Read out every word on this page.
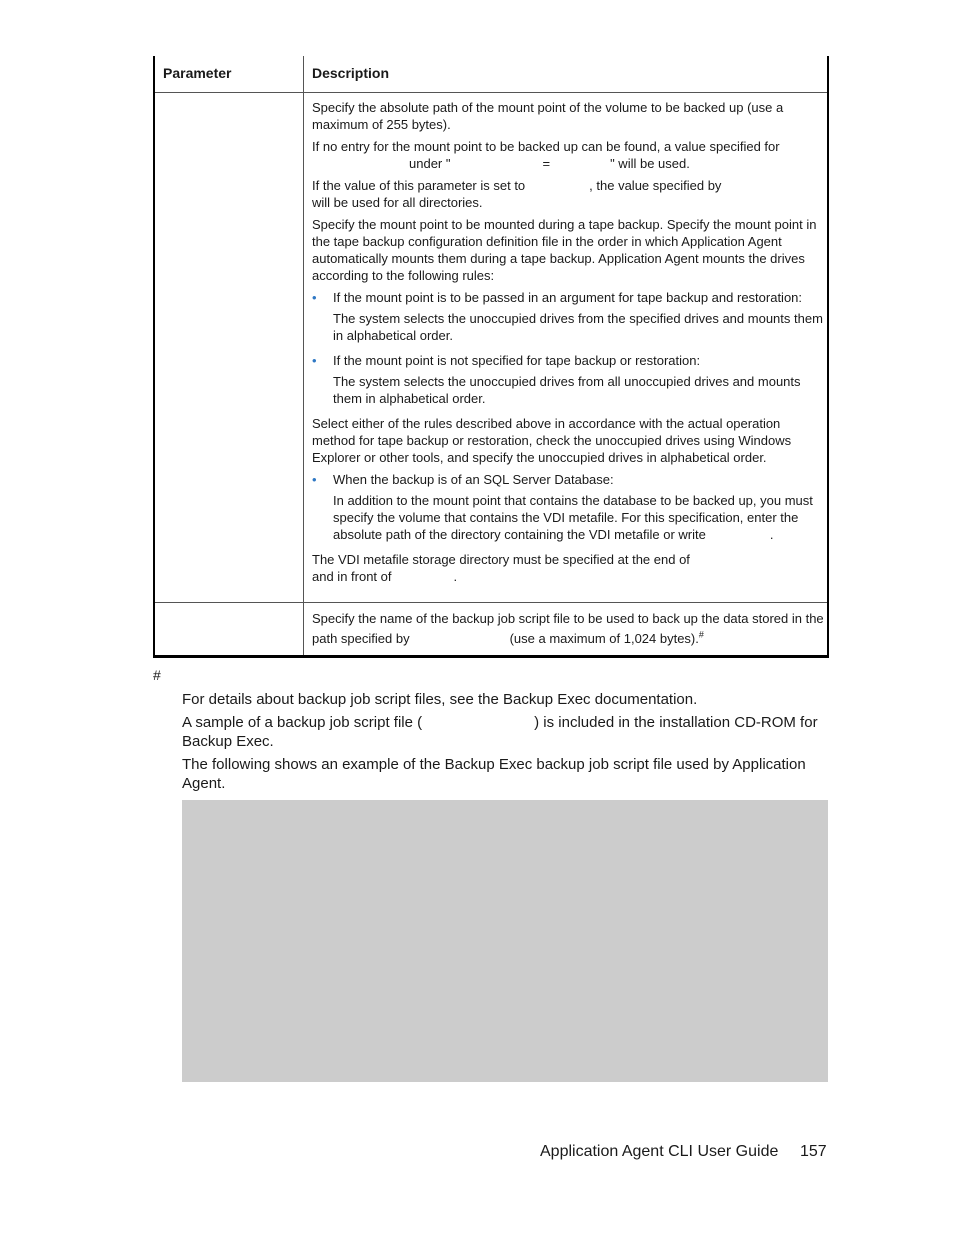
Parameter	Description

Specify the absolute path of the mount point of the volume to be backed up (use a maximum of 255 bytes).

If no entry for the mount point to be backed up can be found, a value specified for
under "	=	" will be used.

If the value of this parameter is set to	, the value specified by
will be used for all directories.

Specify the mount point to be mounted during a tape backup. Specify the mount point in the tape backup configuration definition file in the order in which Application Agent automatically mounts them during a tape backup. Application Agent mounts the drives according to the following rules:

• If the mount point is to be passed in an argument for tape backup and restoration:
The system selects the unoccupied drives from the specified drives and mounts them in alphabetical order.
• If the mount point is not specified for tape backup or restoration:
The system selects the unoccupied drives from all unoccupied drives and mounts them in alphabetical order.

Select either of the rules described above in accordance with the actual operation method for tape backup or restoration, check the unoccupied drives using Windows Explorer or other tools, and specify the unoccupied drives in alphabetical order.

• When the backup is of an SQL Server Database:
In addition to the mount point that contains the database to be backed up, you must specify the volume that contains the VDI metafile. For this specification, enter the absolute path of the directory containing the VDI metafile or write	.

The VDI metafile storage directory must be specified at the end of
and in front of	.

Specify the name of the backup job script file to be used to back up the data stored in the path specified by	(use a maximum of 1,024 bytes).#
#

For details about backup job script files, see the Backup Exec documentation.

A sample of a backup job script file (	) is included in the installation CD-ROM for Backup Exec.

The following shows an example of the Backup Exec backup job script file used by Application Agent.

Application Agent CLI User Guide 157
